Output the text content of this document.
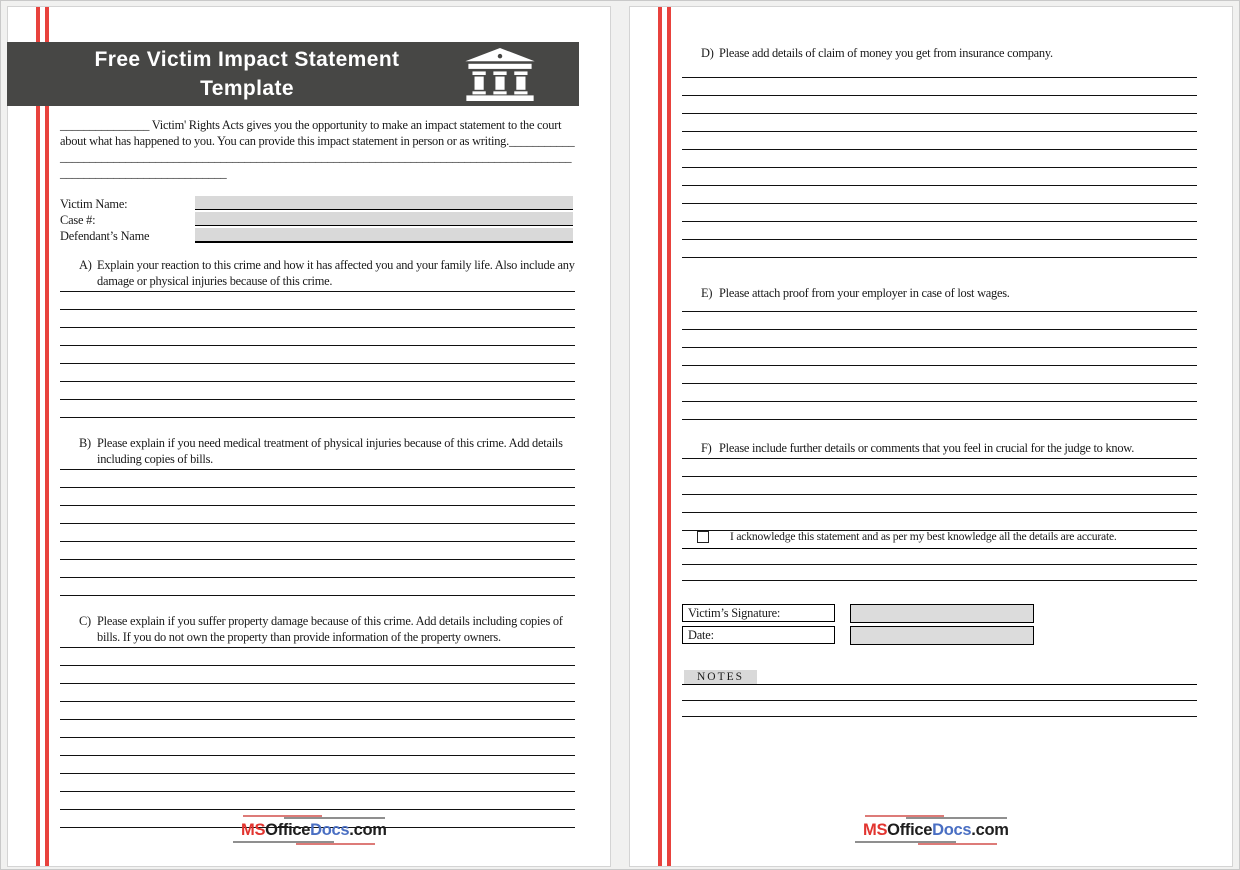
Free Victim Impact Statement
Template

_______________ Victim' Rights Acts gives you the opportunity to make an impact statement to the court about what has happened to you. You can provide this impact statement in person or as writing._____________________________________________________________________________________________________________________________

Victim Name:
Case #:
Defendant’s Name
A) Explain your reaction to this crime and how it has affected you and your family life. Also include any damage or physical injuries because of this crime.
B) Please explain if you need medical treatment of physical injuries because of this crime. Add details including copies of bills.
C) Please explain if you suffer property damage because of this crime. Add details including copies of bills. If you do not own the property than provide information of the property owners.
MSOfficeDocs.com
D) Please add details of claim of money you get from insurance company.
E) Please attach proof from your employer in case of lost wages.
F) Please include further details or comments that you feel in crucial for the judge to know.
I acknowledge this statement and as per my best knowledge all the details are accurate.
Victim’s Signature:
Date:
NOTES
MSOfficeDocs.com
